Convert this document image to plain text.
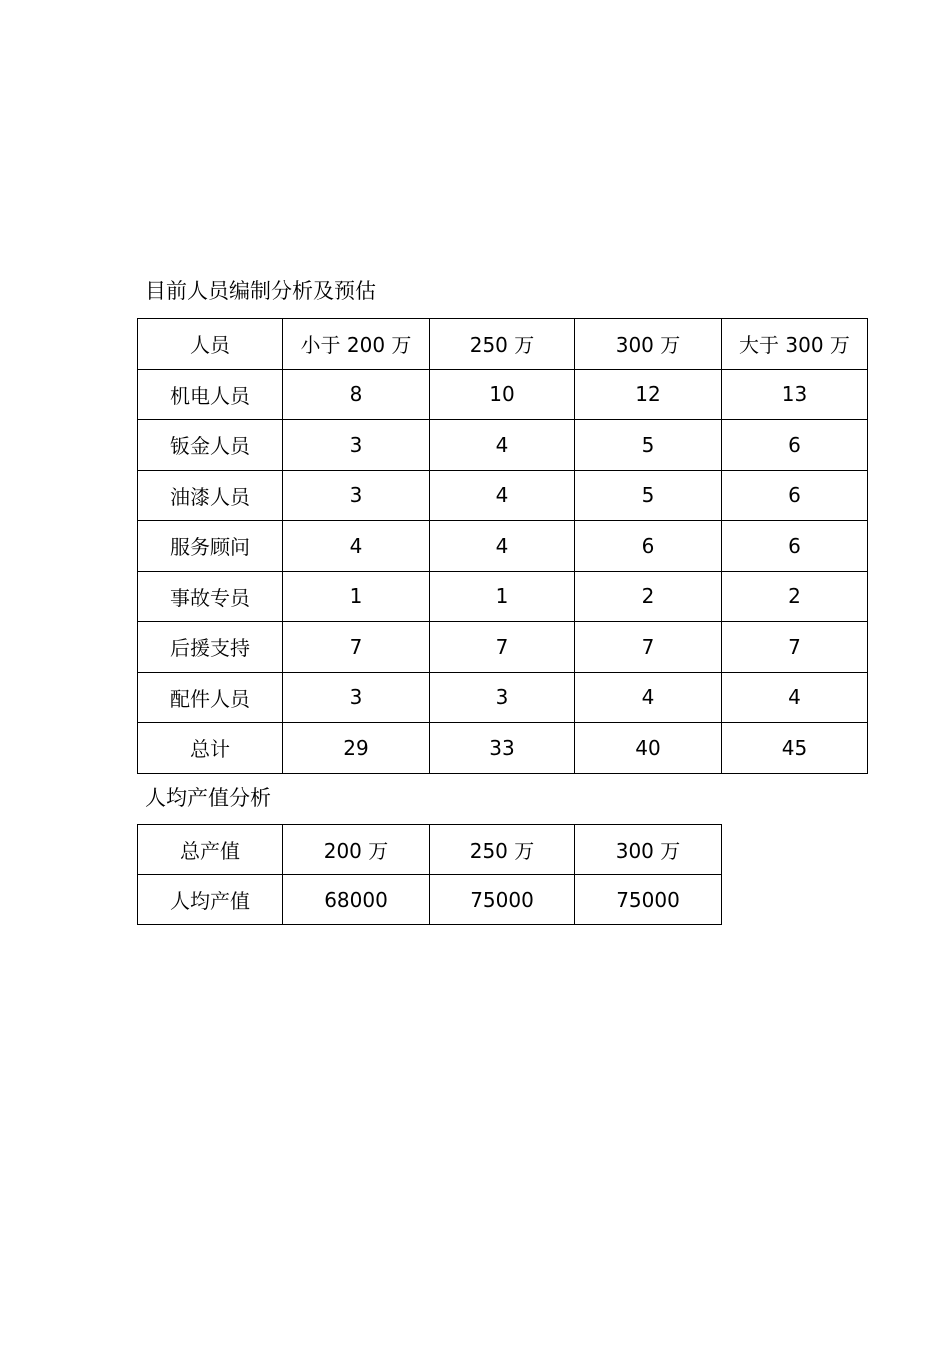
目前人员编制分析及预估
人员	小于 200 万	250 万	300 万	大于 300 万
机电人员	8	10	12	13
钣金人员	3	4	5	6
油漆人员	3	4	5	6
服务顾问	4	4	6	6
事故专员	1	1	2	2
后援支持	7	7	7	7
配件人员	3	3	4	4
总计	29	33	40	45
人均产值分析
总产值	200 万	250 万	300 万
人均产值	68000	75000	75000
